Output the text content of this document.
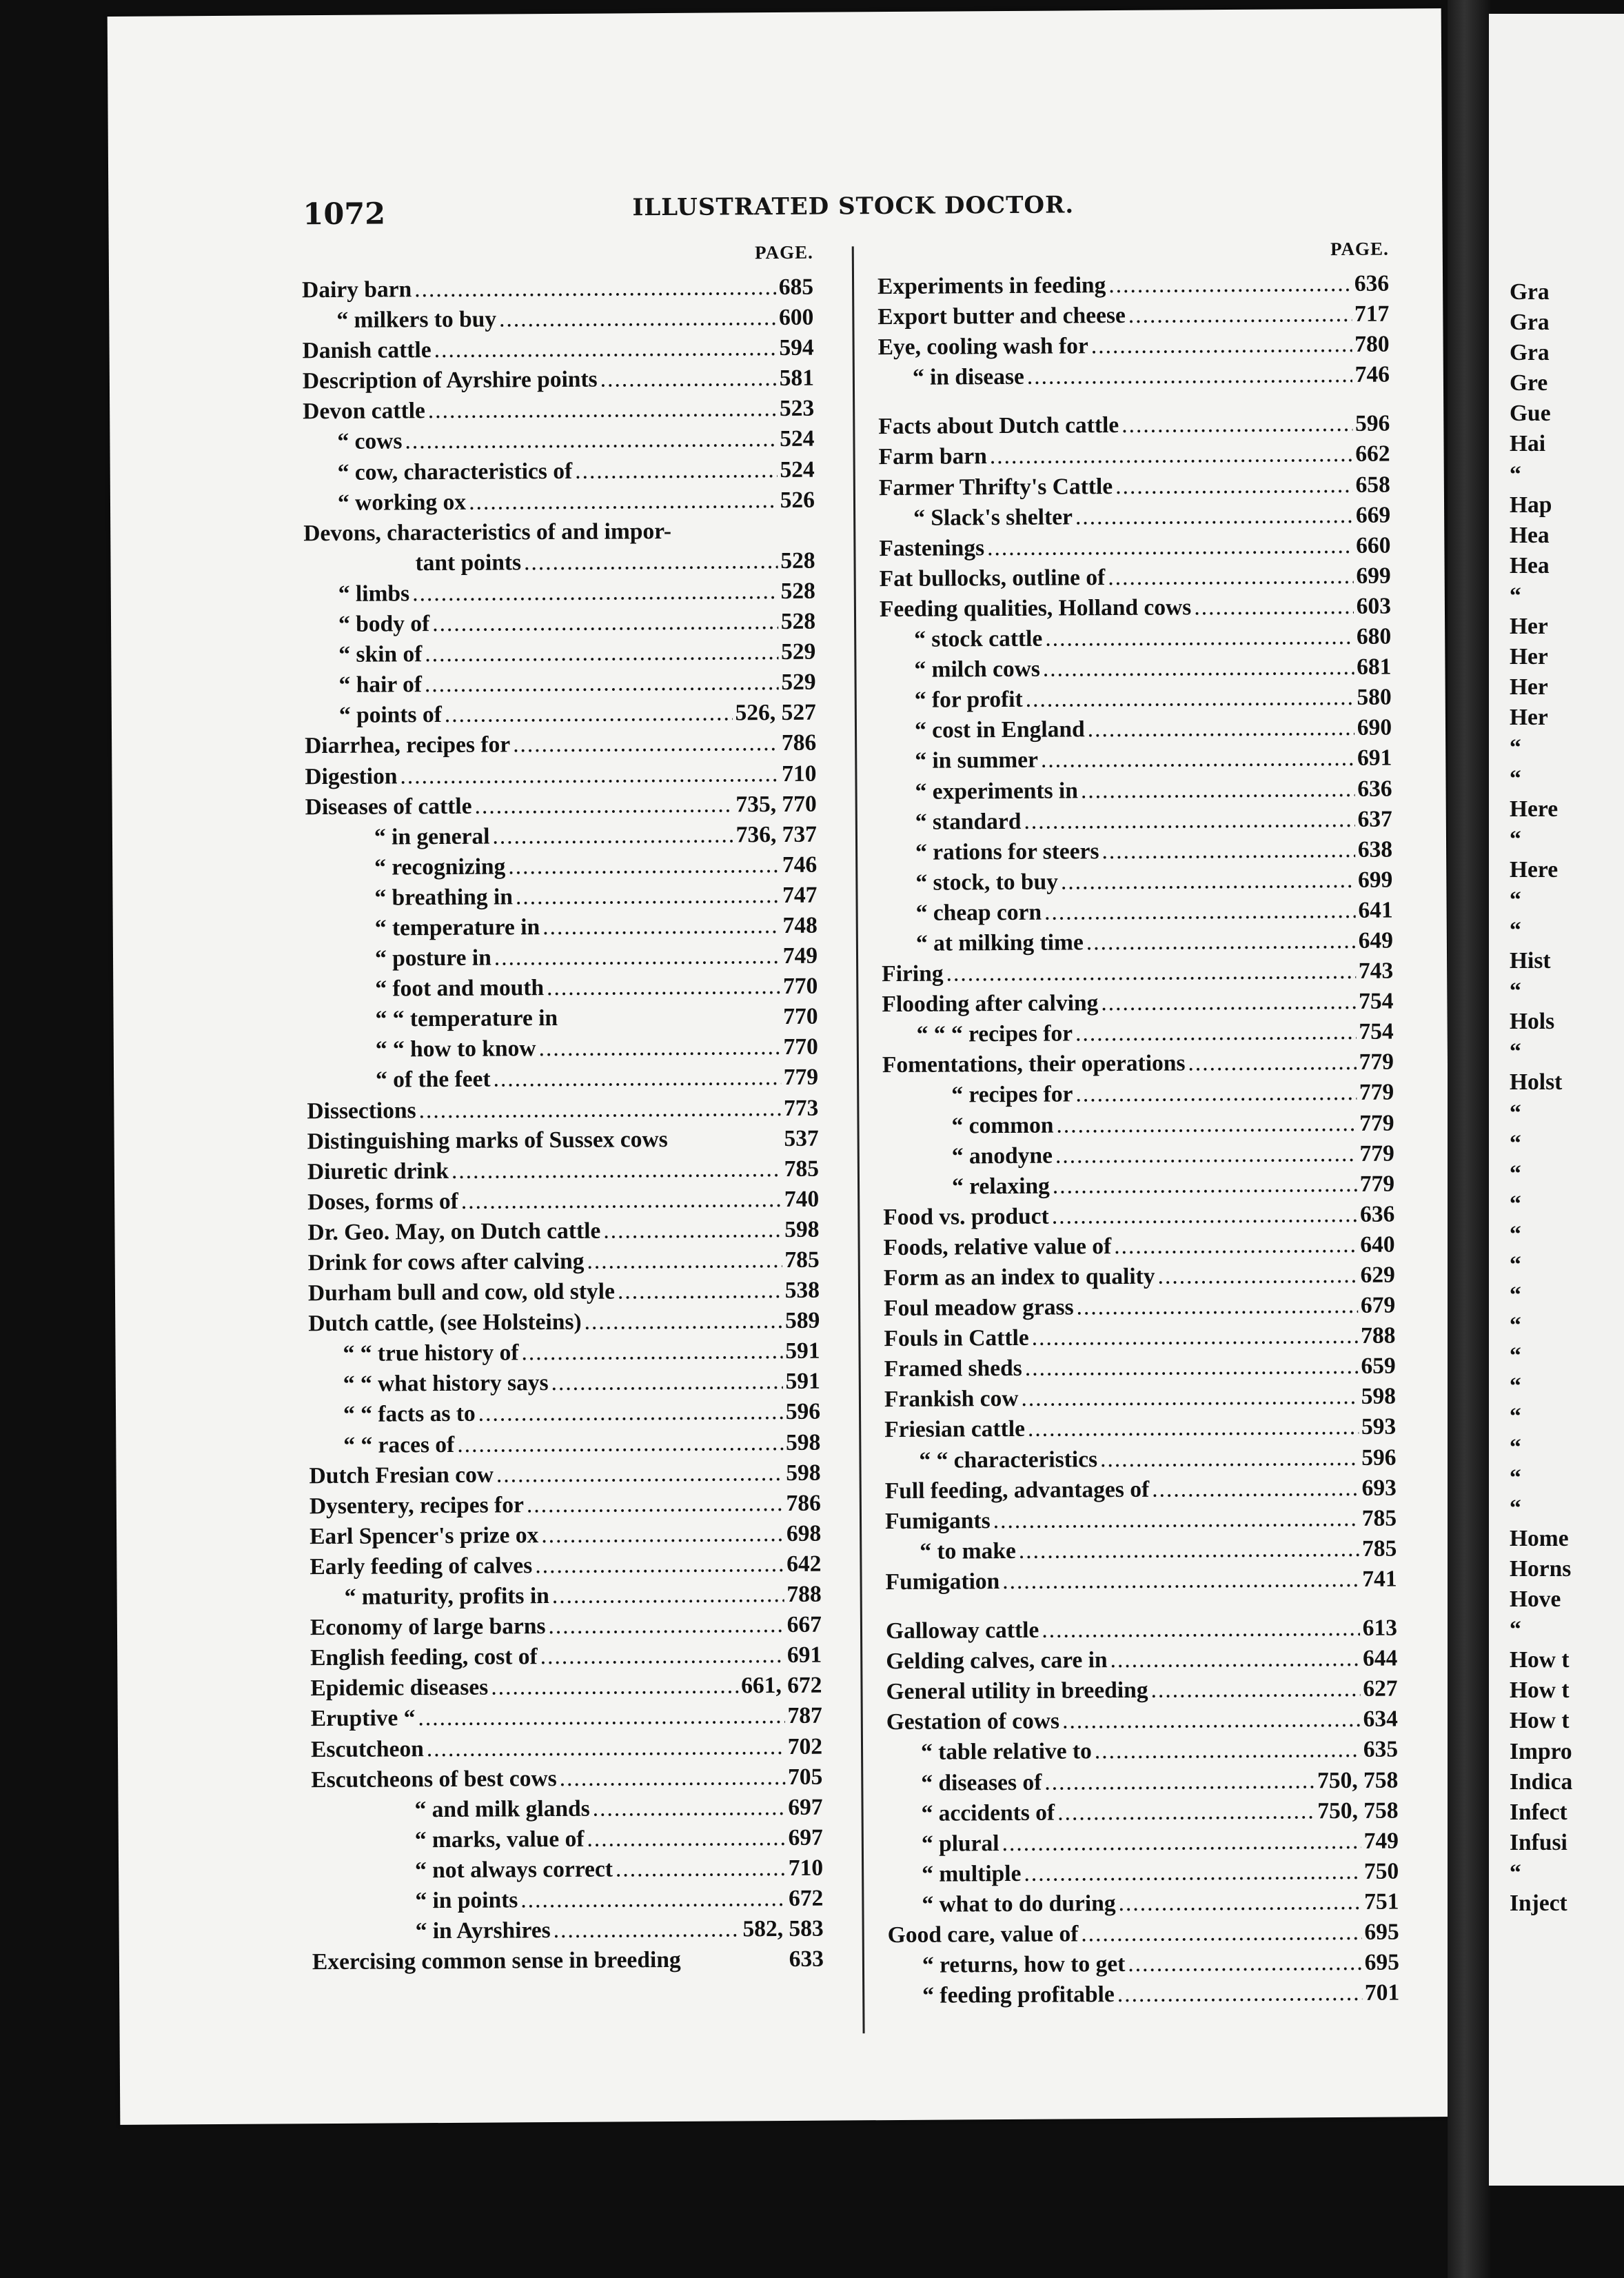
1072	ILLUSTRATED STOCK DOCTOR.
PAGE.
Dairy barn .....	685
“ milkers to buy .....	600
Danish cattle .....	594
Description of Ayrshire points .....	581
Devon cattle .....	523
“ cows .....	524
“ cow, characteristics of .....	524
“ working ox .....	526
Devons, characteristics of and impor-
tant points .....	528
“ limbs .....	528
“ body of .....	528
“ skin of .....	529
“ hair of .....	529
“ points of .....	526, 527
Diarrhea, recipes for .....	786
Digestion .....	710
Diseases of cattle .....	735, 770
“ in general .....	736, 737
“ recognizing .....	746
“ breathing in .....	747
“ temperature in .....	748
“ posture in .....	749
“ foot and mouth .....	770
“ “ temperature in	770
“ “ how to know .....	770
“ of the feet .....	779
Dissections .....	773
Distinguishing marks of Sussex cows	537
Diuretic drink .....	785
Doses, forms of .....	740
Dr. Geo. May, on Dutch cattle .....	598
Drink for cows after calving .....	785
Durham bull and cow, old style .....	538
Dutch cattle, (see Holsteins) .....	589
“ “ true history of .....	591
“ “ what history says .....	591
“ “ facts as to .....	596
“ “ races of .....	598
Dutch Fresian cow .....	598
Dysentery, recipes for .....	786
Earl Spencer's prize ox .....	698
Early feeding of calves .....	642
“ maturity, profits in .....	788
Economy of large barns .....	667
English feeding, cost of .....	691
Epidemic diseases .....	661, 672
Eruptive “ .....	787
Escutcheon .....	702
Escutcheons of best cows .....	705
“ and milk glands .....	697
“ marks, value of .....	697
“ not always correct .....	710
“ in points .....	672
“ in Ayrshires .....	582, 583
Exercising common sense in breeding	633
PAGE.
Experiments in feeding .....	636
Export butter and cheese .....	717
Eye, cooling wash for .....	780
“ in disease .....	746
Facts about Dutch cattle .....	596
Farm barn .....	662
Farmer Thrifty's Cattle .....	658
“ Slack's shelter .....	669
Fastenings .....	660
Fat bullocks, outline of .....	699
Feeding qualities, Holland cows .....	603
“ stock cattle .....	680
“ milch cows .....	681
“ for profit .....	580
“ cost in England .....	690
“ in summer .....	691
“ experiments in .....	636
“ standard .....	637
“ rations for steers .....	638
“ stock, to buy .....	699
“ cheap corn .....	641
“ at milking time .....	649
Firing .....	743
Flooding after calving .....	754
“ “ “ recipes for .....	754
Fomentations, their operations .....	779
“ recipes for .....	779
“ common .....	779
“ anodyne .....	779
“ relaxing .....	779
Food vs. product .....	636
Foods, relative value of .....	640
Form as an index to quality .....	629
Foul meadow grass .....	679
Fouls in Cattle .....	788
Framed sheds .....	659
Frankish cow .....	598
Friesian cattle .....	593
“ “ characteristics .....	596
Full feeding, advantages of .....	693
Fumigants .....	785
“ to make .....	785
Fumigation .....	741
Galloway cattle .....	613
Gelding calves, care in .....	644
General utility in breeding .....	627
Gestation of cows .....	634
“ table relative to .....	635
“ diseases of .....	750, 758
“ accidents of .....	750, 758
“ plural .....	749
“ multiple .....	750
“ what to do during .....	751
Good care, value of .....	695
“ returns, how to get .....	695
“ feeding profitable .....	701
Gra
Gra
Gra
Gre
Gue
Hai
“
Hap
Hea
Hea
“
Her
Her
Her
Her
“
“
Here
“
Here
“
“
Hist
“
Hols
“
Holst
“
“
“
“
“
“
“
“
“
“
“
“
“
“
Home
Horns
Hove
“
How t
How t
How t
Impro
Indica
Infect
Infusi
“
Inject
